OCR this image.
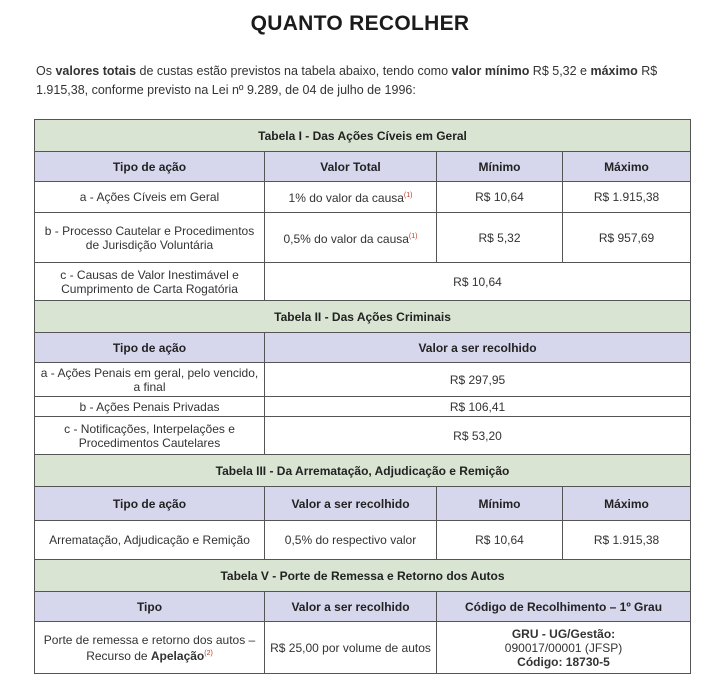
QUANTO RECOLHER
Os valores totais de custas estão previstos na tabela abaixo, tendo como valor mínimo R$ 5,32 e máximo R$ 1.915,38, conforme previsto na Lei nº 9.289, de 04 de julho de 1996:
Tabela I - Das Ações Cíveis em Geral			
Tipo de ação	Valor Total	Mínimo	Máximo
a - Ações Cíveis em Geral	1% do valor da causa$^{(1)}$	R$ 10,64	R$ 1.915,38
b - Processo Cautelar e Procedimentos de Jurisdição Voluntária	0,5% do valor da causa$^{(1)}$	R$ 5,32	R$ 957,69
c - Causas de Valor Inestimável e Cumprimento de Carta Rogatória	R$ 10,64		
Tabela II - Das Ações Criminais			
Tipo de ação	Valor a ser recolhido		
a - Ações Penais em geral, pelo vencido, a final	R$ 297,95		
b - Ações Penais Privadas	R$ 106,41		
c - Notificações, Interpelações e Procedimentos Cautelares	R$ 53,20		
Tabela III - Da Arrematação, Adjudicação e Remição			
Tipo de ação	Valor a ser recolhido	Mínimo	Máximo
Arrematação, Adjudicação e Remição	0,5% do respectivo valor	R$ 10,64	R$ 1.915,38
Tabela V - Porte de Remessa e Retorno dos Autos			
Tipo	Valor a ser recolhido	Código de Recolhimento – 1º Grau	
Porte de remessa e retorno dos autos – Recurso de Apelação$^{(2)}$	R$ 25,00 por volume de autos	GRU - UG/Gestão:
090017/00001 (JFSP)
Código: 18730-5	
